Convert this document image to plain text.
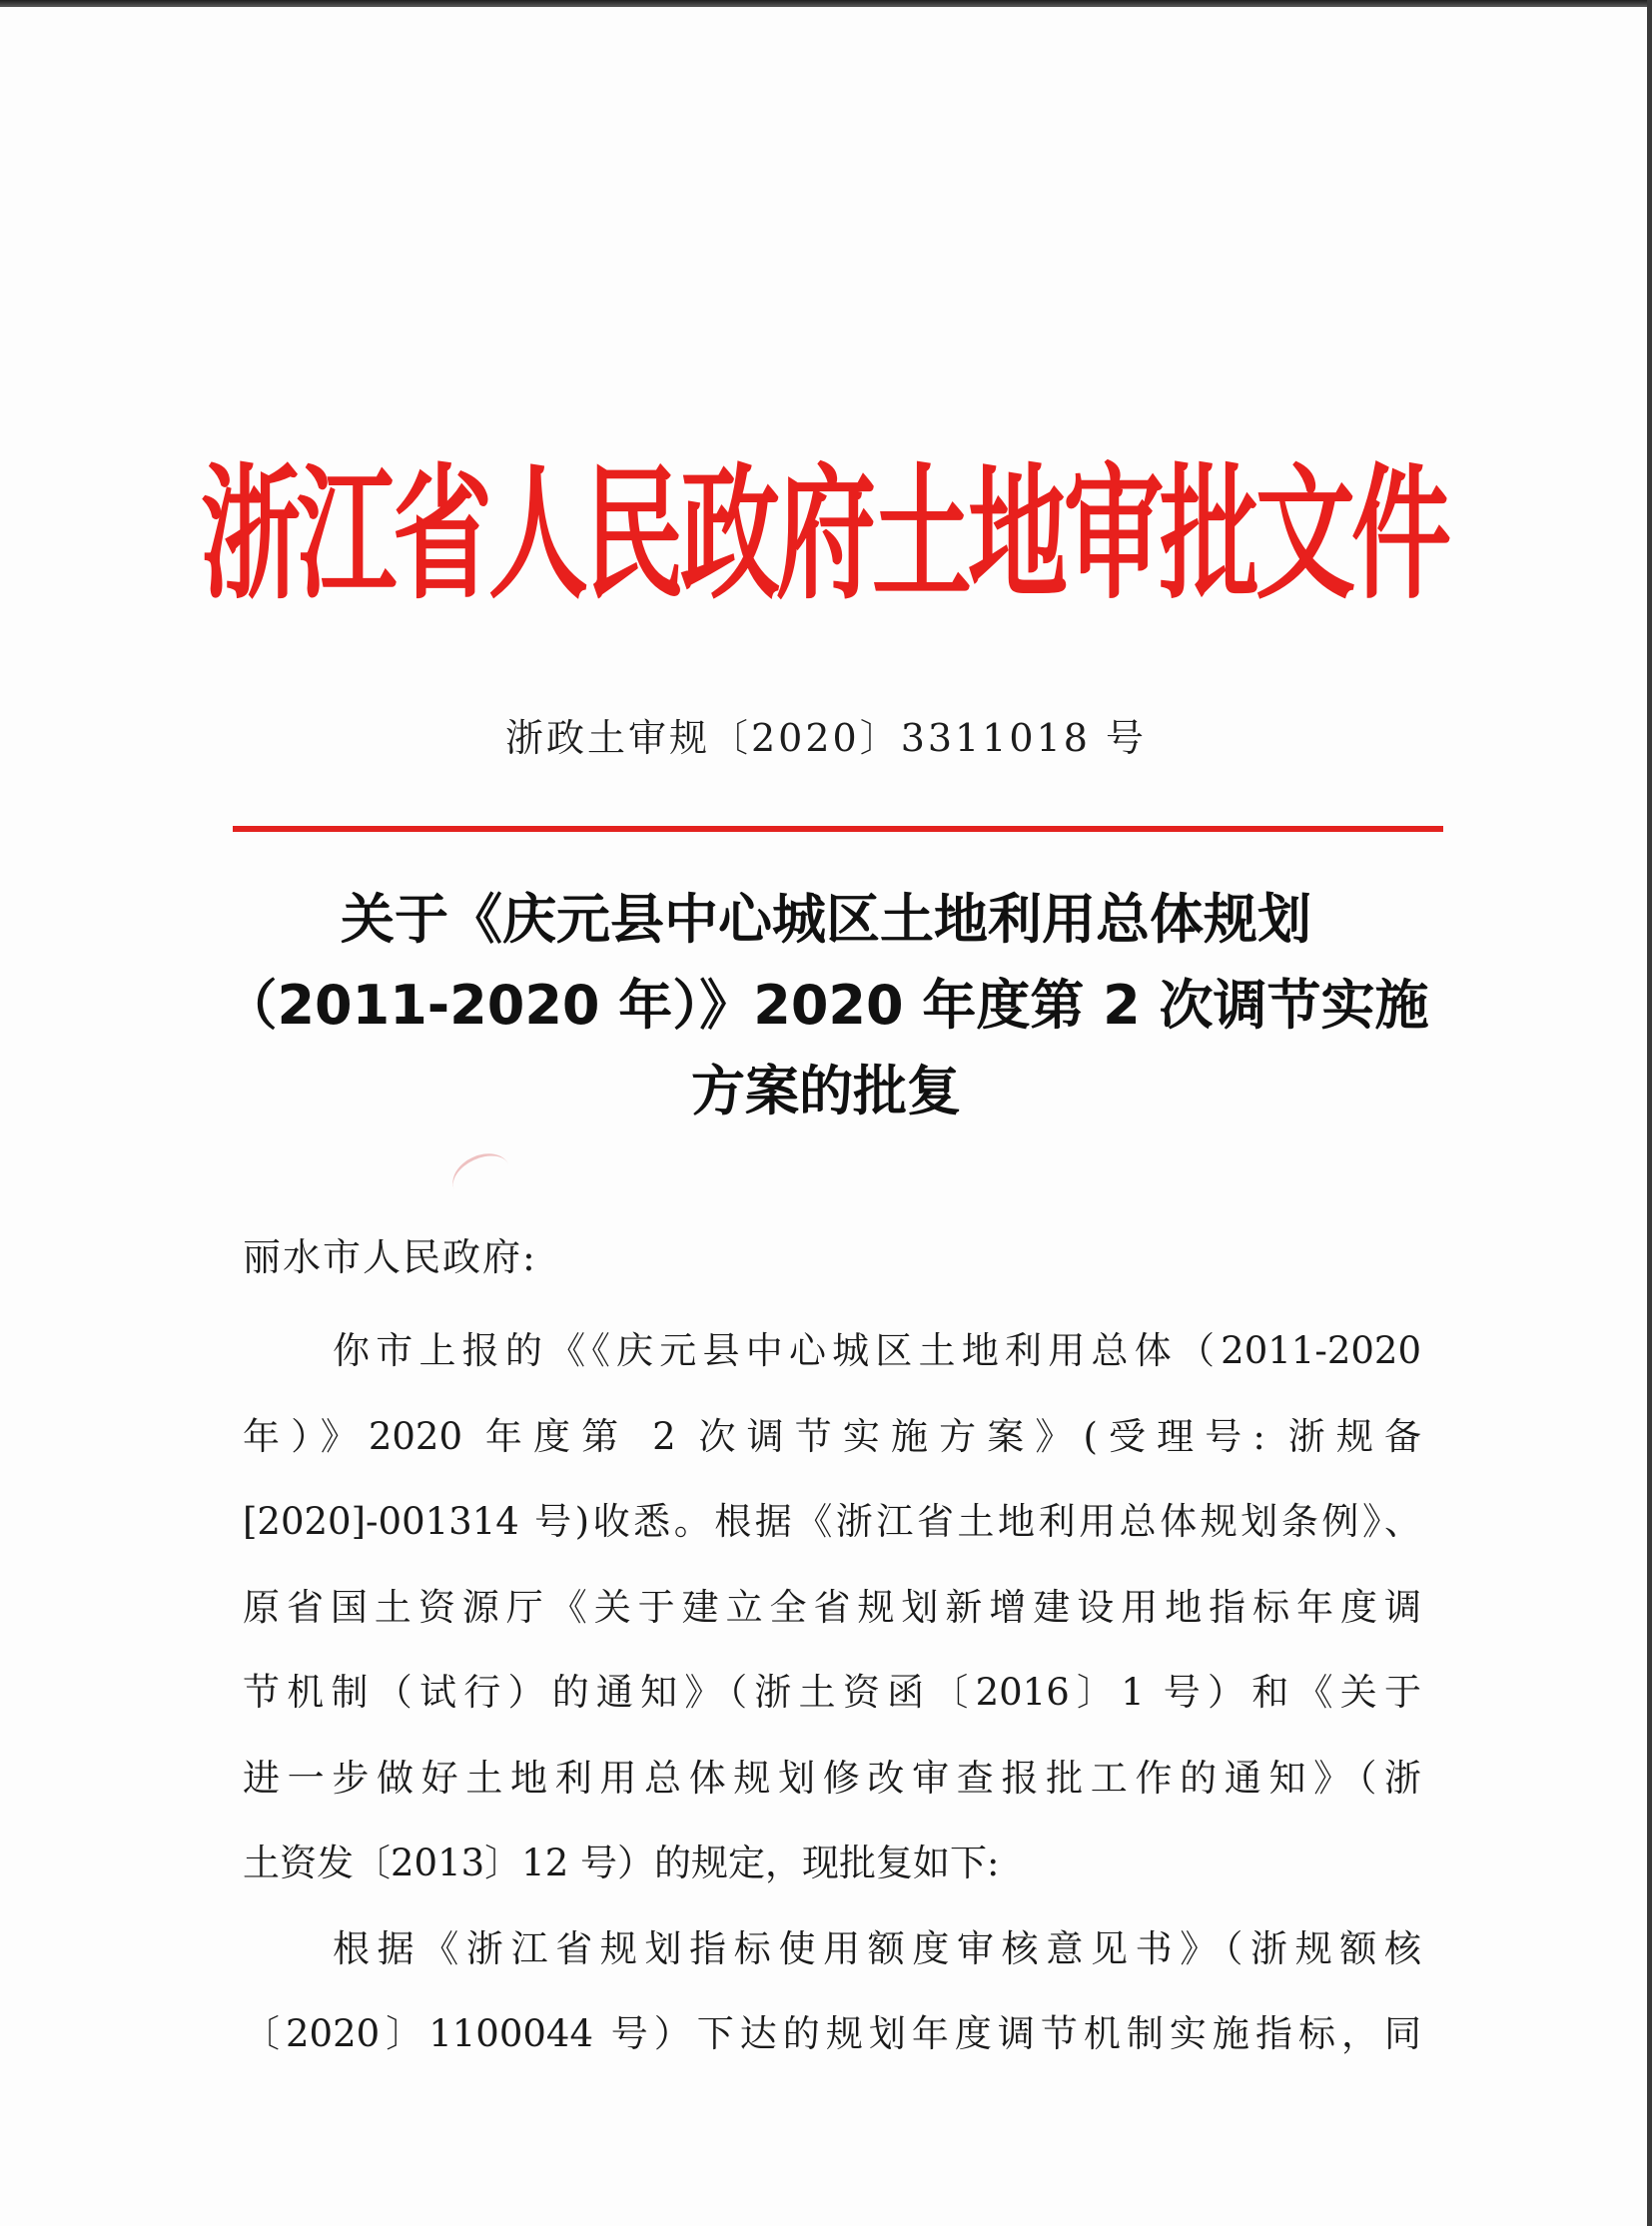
浙江省人民政府土地审批文件
浙政土审规〔2020〕3311018 号
关于《庆元县中心城区土地利用总体规划
（2011-2020 年）》2020 年度第 2 次调节实施
方案的批复
丽水市人民政府:
你市上报的《《庆元县中心城区土地利用总体（2011-2020
年）》2020 年度第 2 次调节实施方案》(受理号: 浙规备
[2020]-001314 号)收悉。根据《浙江省土地利用总体规划条例》、
原省国土资源厅《关于建立全省规划新增建设用地指标年度调
节机制（试行）的通知》（浙土资函〔2016〕1 号）和《关于
进一步做好土地利用总体规划修改审查报批工作的通知》（浙
土资发〔2013〕12 号）的规定，现批复如下:
根据《浙江省规划指标使用额度审核意见书》（浙规额核
〔2020〕1100044 号）下达的规划年度调节机制实施指标，同
